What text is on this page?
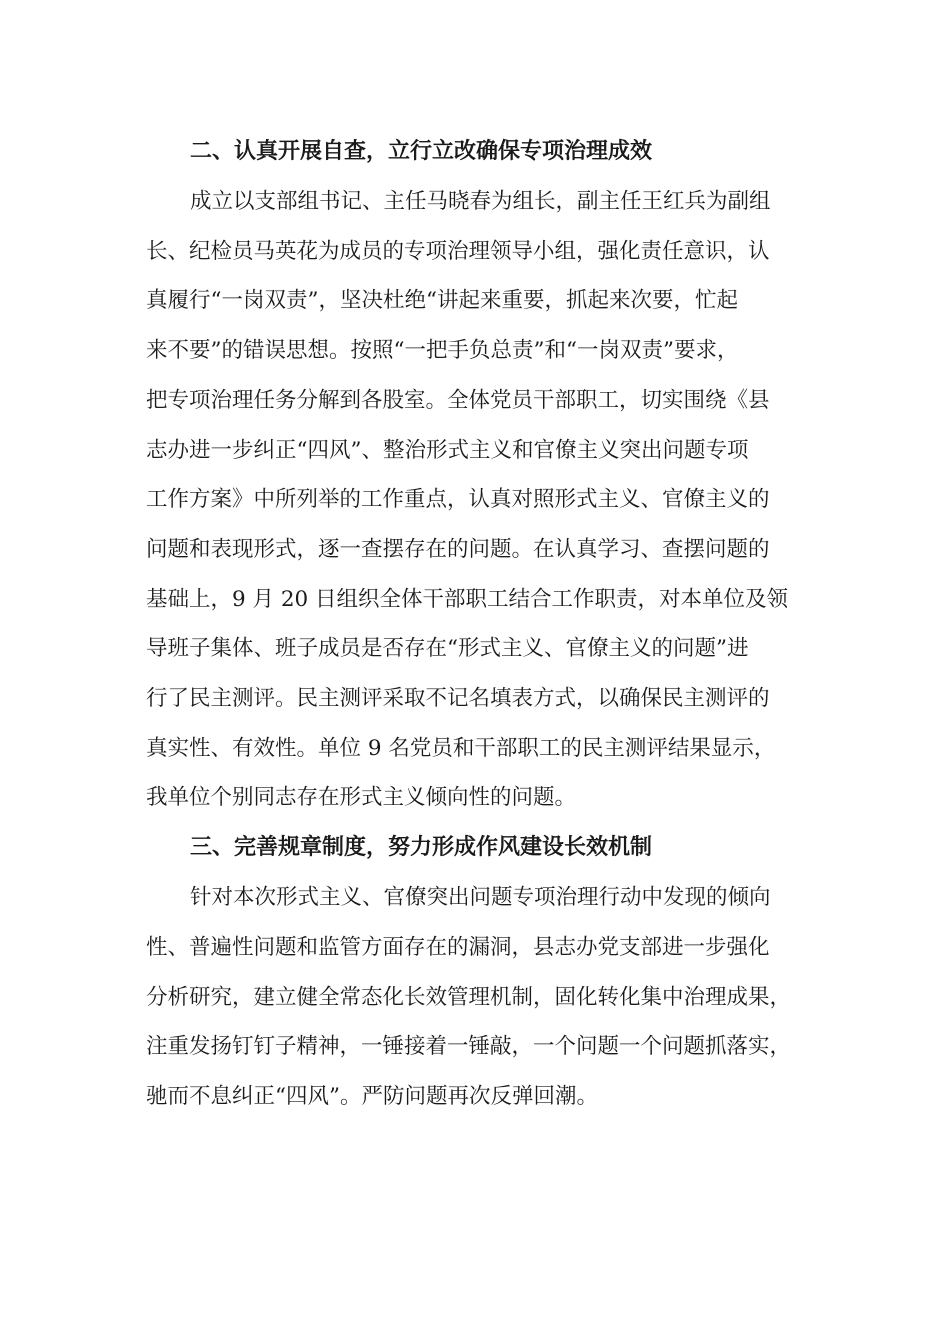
二、认真开展自查，立行立改确保专项治理成效

成立以支部组书记、主任马晓春为组长，副主任王红兵为副组
长、纪检员马英花为成员的专项治理领导小组，强化责任意识，认
真履行“一岗双责”，坚决杜绝“讲起来重要，抓起来次要，忙起
来不要”的错误思想。按照“一把手负总责”和“一岗双责”要求，
把专项治理任务分解到各股室。全体党员干部职工，切实围绕《县
志办进一步纠正“四风”、整治形式主义和官僚主义突出问题专项
工作方案》中所列举的工作重点，认真对照形式主义、官僚主义的
问题和表现形式，逐一查摆存在的问题。在认真学习、查摆问题的
基础上，9 月 20 日组织全体干部职工结合工作职责，对本单位及领
导班子集体、班子成员是否存在“形式主义、官僚主义的问题”进
行了民主测评。民主测评采取不记名填表方式，以确保民主测评的
真实性、有效性。单位 9 名党员和干部职工的民主测评结果显示，
我单位个别同志存在形式主义倾向性的问题。

三、完善规章制度，努力形成作风建设长效机制

针对本次形式主义、官僚突出问题专项治理行动中发现的倾向
性、普遍性问题和监管方面存在的漏洞，县志办党支部进一步强化
分析研究，建立健全常态化长效管理机制，固化转化集中治理成果，
注重发扬钉钉子精神，一锤接着一锤敲，一个问题一个问题抓落实，
驰而不息纠正“四风”。严防问题再次反弹回潮。
